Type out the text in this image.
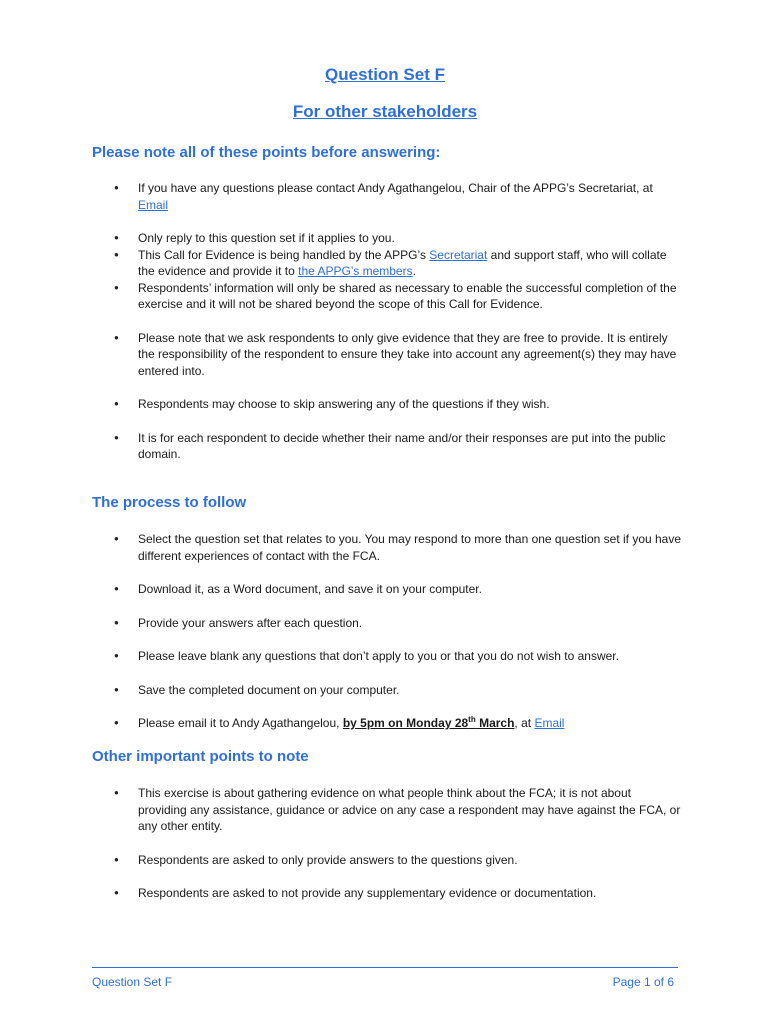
Question Set F
For other stakeholders
Please note all of these points before answering:
● If you have any questions please contact Andy Agathangelou, Chair of the APPG’s Secretariat, at Email
● Only reply to this question set if it applies to you.
● This Call for Evidence is being handled by the APPG’s Secretariat and support staff, who will collate the evidence and provide it to the APPG’s members.
● Respondents’ information will only be shared as necessary to enable the successful completion of the exercise and it will not be shared beyond the scope of this Call for Evidence.
● Please note that we ask respondents to only give evidence that they are free to provide. It is entirely the responsibility of the respondent to ensure they take into account any agreement(s) they may have entered into.
● Respondents may choose to skip answering any of the questions if they wish.
● It is for each respondent to decide whether their name and/or their responses are put into the public domain.
The process to follow
● Select the question set that relates to you. You may respond to more than one question set if you have different experiences of contact with the FCA.
● Download it, as a Word document, and save it on your computer.
● Provide your answers after each question.
● Please leave blank any questions that don’t apply to you or that you do not wish to answer.
● Save the completed document on your computer.
● Please email it to Andy Agathangelou, by 5pm on Monday 28th March, at Email
Other important points to note
● This exercise is about gathering evidence on what people think about the FCA; it is not about providing any assistance, guidance or advice on any case a respondent may have against the FCA, or any other entity.
● Respondents are asked to only provide answers to the questions given.
● Respondents are asked to not provide any supplementary evidence or documentation.
Question Set F	Page 1 of 6
